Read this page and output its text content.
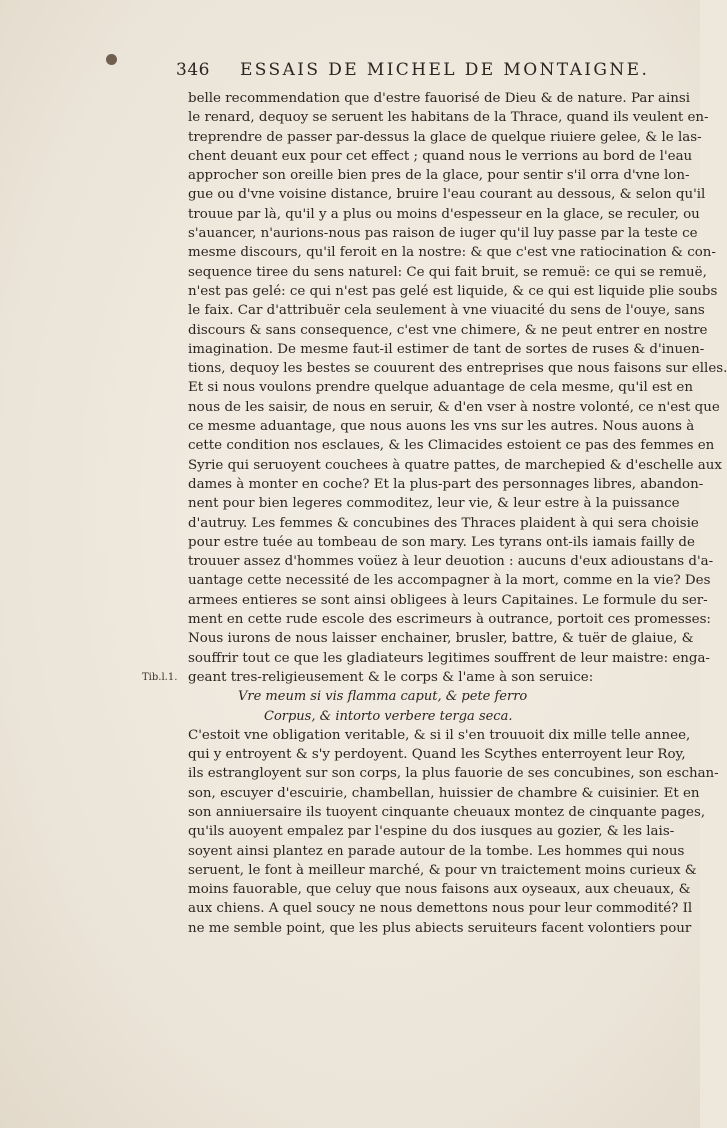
346 ESSAIS DE MICHEL DE MONTAIGNE.
Tib.l.1.
belle recommendation que d'estre fauorisé de Dieu & de nature. Par ainsi
le renard, dequoy se seruent les habitans de la Thrace, quand ils veulent en-
treprendre de passer par-dessus la glace de quelque riuiere gelee, & le las-
chent deuant eux pour cet effect ; quand nous le verrions au bord de l'eau
approcher son oreille bien pres de la glace, pour sentir s'il orra d'vne lon-
gue ou d'vne voisine distance, bruire l'eau courant au dessous, & selon qu'il
trouue par là, qu'il y a plus ou moins d'espesseur en la glace, se reculer, ou
s'auancer, n'aurions-nous pas raison de iuger qu'il luy passe par la teste ce
mesme discours, qu'il feroit en la nostre: & que c'est vne ratiocination & con-
sequence tiree du sens naturel: Ce qui fait bruit, se remuë: ce qui se remuë,
n'est pas gelé: ce qui n'est pas gelé est liquide, & ce qui est liquide plie soubs
le faix. Car d'attribuër cela seulement à vne viuacité du sens de l'ouye, sans
discours & sans consequence, c'est vne chimere, & ne peut entrer en nostre
imagination. De mesme faut-il estimer de tant de sortes de ruses & d'inuen-
tions, dequoy les bestes se couurent des entreprises que nous faisons sur elles.
Et si nous voulons prendre quelque aduantage de cela mesme, qu'il est en
nous de les saisir, de nous en seruir, & d'en vser à nostre volonté, ce n'est que
ce mesme aduantage, que nous auons les vns sur les autres. Nous auons à
cette condition nos esclaues, & les Climacides estoient ce pas des femmes en
Syrie qui seruoyent couchees à quatre pattes, de marchepied & d'eschelle aux
dames à monter en coche? Et la plus-part des personnages libres, abandon-
nent pour bien legeres commoditez, leur vie, & leur estre à la puissance
d'autruy. Les femmes & concubines des Thraces plaident à qui sera choisie
pour estre tuée au tombeau de son mary. Les tyrans ont-ils iamais failly de
trouuer assez d'hommes voüez à leur deuotion : aucuns d'eux adioustans d'a-
uantage cette necessité de les accompagner à la mort, comme en la vie? Des
armees entieres se sont ainsi obligees à leurs Capitaines. Le formule du ser-
ment en cette rude escole des escrimeurs à outrance, portoit ces promesses:
Nous iurons de nous laisser enchainer, brusler, battre, & tuër de glaiue, &
souffrir tout ce que les gladiateurs legitimes souffrent de leur maistre: enga-
geant tres-religieusement & le corps & l'ame à son seruice:
Vre meum si vis flamma caput, & pete ferro
Corpus, & intorto verbere terga seca.
C'estoit vne obligation veritable, & si il s'en trouuoit dix mille telle annee,
qui y entroyent & s'y perdoyent. Quand les Scythes enterroyent leur Roy,
ils estrangloyent sur son corps, la plus fauorie de ses concubines, son eschan-
son, escuyer d'escuirie, chambellan, huissier de chambre & cuisinier. Et en
son anniuersaire ils tuoyent cinquante cheuaux montez de cinquante pages,
qu'ils auoyent empalez par l'espine du dos iusques au gozier, & les lais-
soyent ainsi plantez en parade autour de la tombe. Les hommes qui nous
seruent, le font à meilleur marché, & pour vn traictement moins curieux &
moins fauorable, que celuy que nous faisons aux oyseaux, aux cheuaux, &
aux chiens. A quel soucy ne nous demettons nous pour leur commodité? Il
ne me semble point, que les plus abiects seruiteurs facent volontiers pour
